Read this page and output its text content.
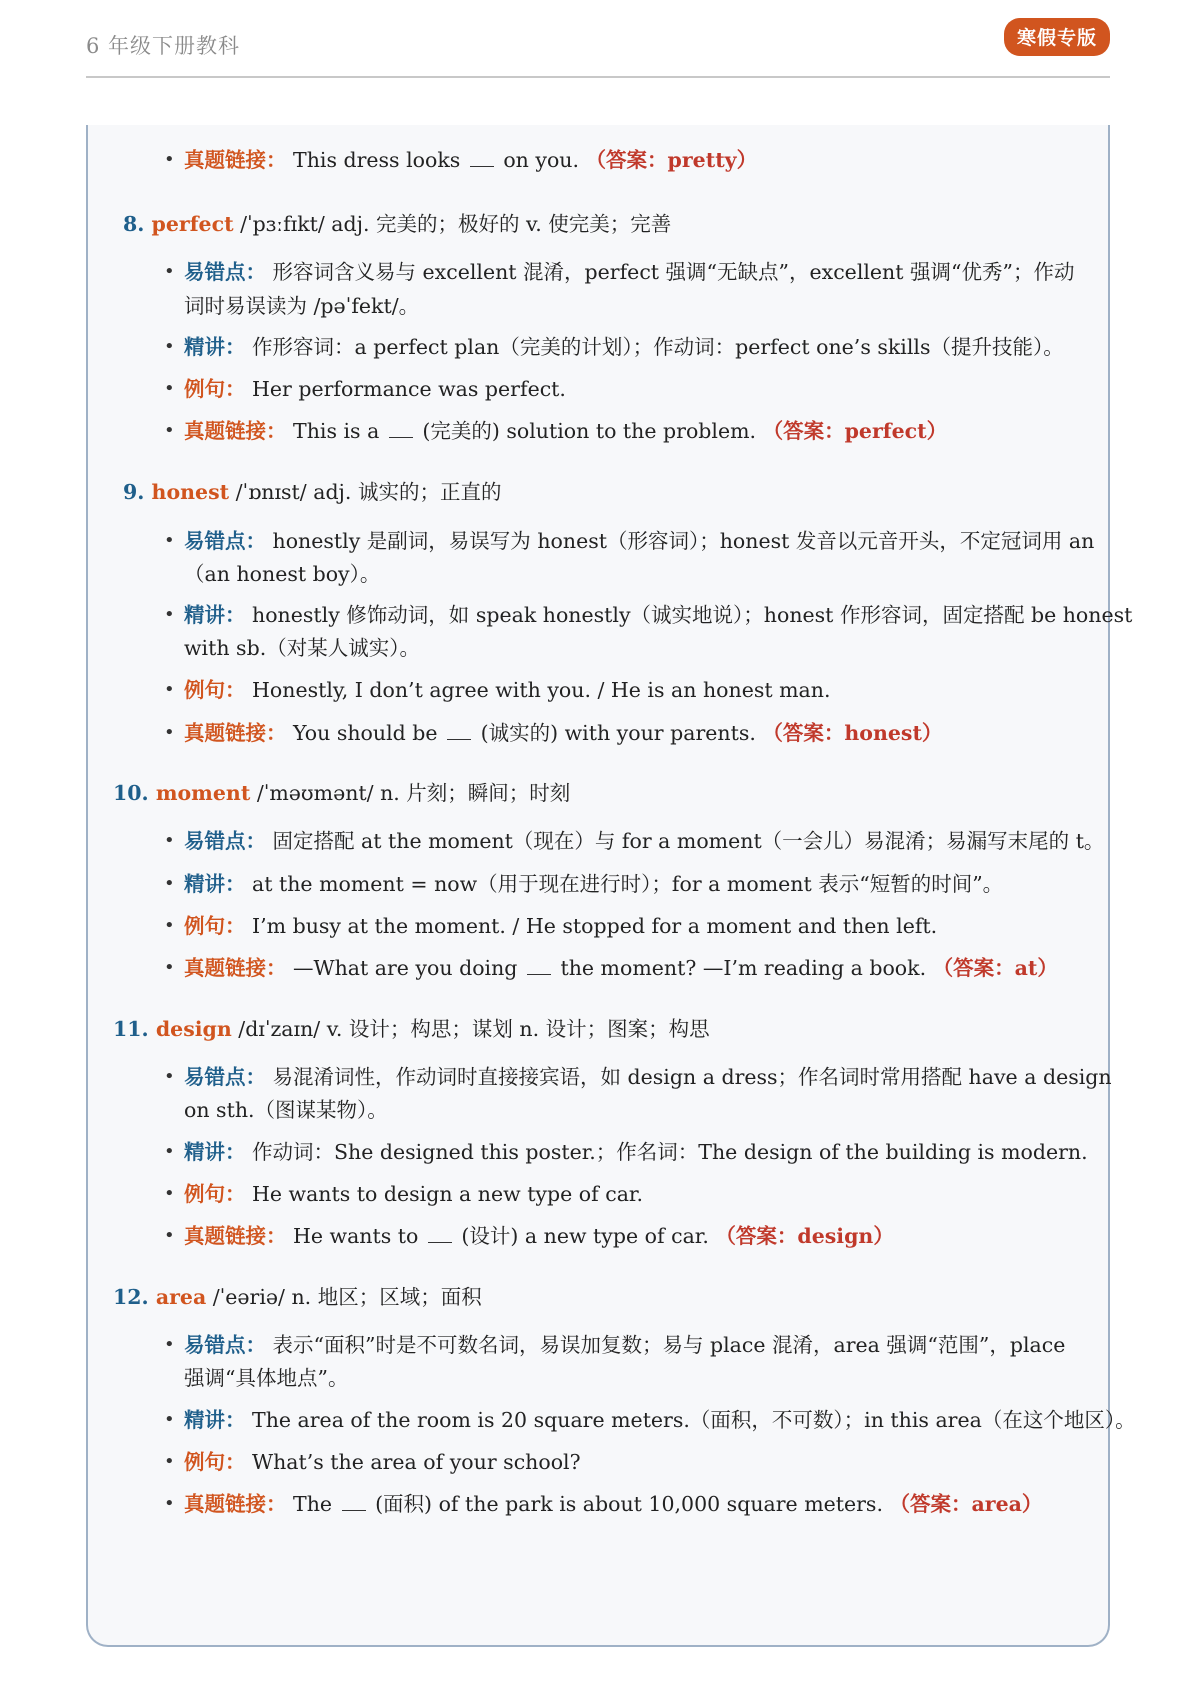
6 年级下册教科	寒假专版
• 真题链接： This dress looks  on you. （答案：pretty）
8. perfect /ˈpɜːfɪkt/ adj. 完美的；极好的 v. 使完美；完善
• 易错点： 形容词含义易与 excellent 混淆，perfect 强调“无缺点”，excellent 强调“优秀”；作动
词时易误读为 /pəˈfekt/。
• 精讲： 作形容词：a perfect plan（完美的计划）；作动词：perfect one’s skills（提升技能）。
• 例句： Her performance was perfect.
• 真题链接： This is a  (完美的) solution to the problem. （答案：perfect）
9. honest /ˈɒnɪst/ adj. 诚实的；正直的
• 易错点： honestly 是副词，易误写为 honest（形容词）；honest 发音以元音开头，不定冠词用 an
（an honest boy）。
• 精讲： honestly 修饰动词，如 speak honestly（诚实地说）；honest 作形容词，固定搭配 be honest
with sb.（对某人诚实）。
• 例句： Honestly, I don’t agree with you. / He is an honest man.
• 真题链接： You should be  (诚实的) with your parents. （答案：honest）
10. moment /ˈməʊmənt/ n. 片刻；瞬间；时刻
• 易错点： 固定搭配 at the moment（现在）与 for a moment（一会儿）易混淆；易漏写末尾的 t。
• 精讲： at the moment = now（用于现在进行时）；for a moment 表示“短暂的时间”。
• 例句： I’m busy at the moment. / He stopped for a moment and then left.
• 真题链接： —What are you doing  the moment? —I’m reading a book. （答案：at）
11. design /dɪˈzaɪn/ v. 设计；构思；谋划 n. 设计；图案；构思
• 易错点： 易混淆词性，作动词时直接接宾语，如 design a dress；作名词时常用搭配 have a design
on sth.（图谋某物）。
• 精讲： 作动词：She designed this poster.；作名词：The design of the building is modern.
• 例句： He wants to design a new type of car.
• 真题链接： He wants to  (设计) a new type of car. （答案：design）
12. area /ˈeəriə/ n. 地区；区域；面积
• 易错点： 表示“面积”时是不可数名词，易误加复数；易与 place 混淆，area 强调“范围”，place
强调“具体地点”。
• 精讲： The area of the room is 20 square meters.（面积，不可数）；in this area（在这个地区）。
• 例句： What’s the area of your school?
• 真题链接： The  (面积) of the park is about 10,000 square meters. （答案：area）
